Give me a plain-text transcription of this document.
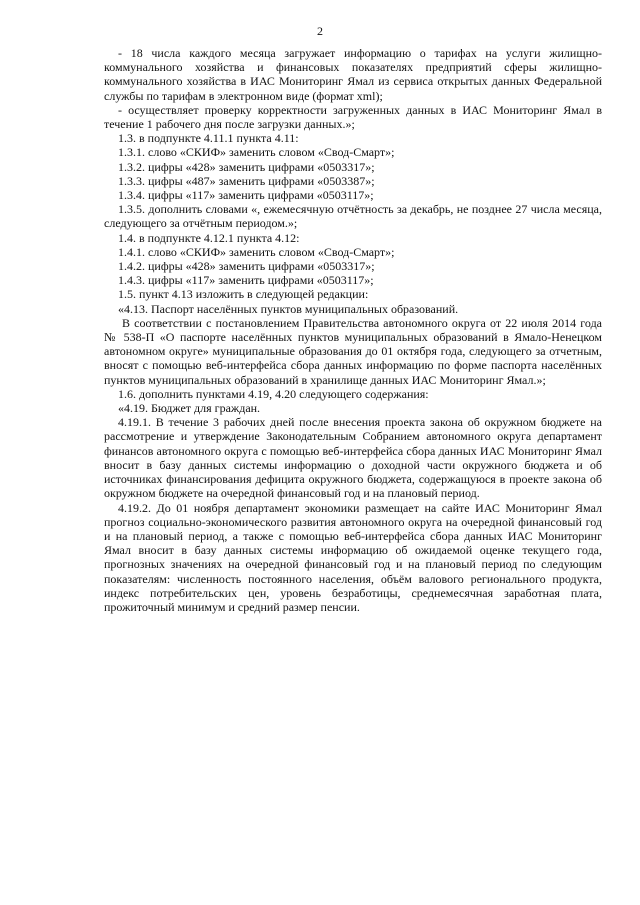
2

- 18 числа каждого месяца загружает информацию о тарифах на услуги жилищно-коммунального хозяйства и финансовых показателях предприятий сферы жилищно-коммунального хозяйства в ИАС Мониторинг Ямал из сервиса открытых данных Федеральной службы по тарифам в электронном виде (формат xml);

- осуществляет проверку корректности загруженных данных в ИАС Мониторинг Ямал в течение 1 рабочего дня после загрузки данных.»;

1.3. в подпункте 4.11.1 пункта 4.11:

1.3.1. слово «СКИФ» заменить словом «Свод-Смарт»;

1.3.2. цифры «428» заменить цифрами «0503317»;

1.3.3. цифры «487» заменить цифрами «0503387»;

1.3.4. цифры «117» заменить цифрами «0503117»;

1.3.5. дополнить словами «, ежемесячную отчётность за декабрь, не позднее 27 числа месяца, следующего за отчётным периодом.»;

1.4. в подпункте 4.12.1 пункта 4.12:

1.4.1. слово «СКИФ» заменить словом «Свод-Смарт»;

1.4.2. цифры «428» заменить цифрами «0503317»;

1.4.3. цифры «117» заменить цифрами «0503117»;

1.5. пункт 4.13 изложить в следующей редакции:

«4.13. Паспорт населённых пунктов муниципальных образований.

В соответствии с постановлением Правительства автономного округа от 22 июля 2014 года № 538-П «О паспорте населённых пунктов муниципальных образований в Ямало-Ненецком автономном округе» муниципальные образования до 01 октября года, следующего за отчетным, вносят с помощью веб-интерфейса сбора данных информацию по форме паспорта населённых пунктов муниципальных образований в хранилище данных ИАС Мониторинг Ямал.»;

1.6. дополнить пунктами 4.19, 4.20 следующего содержания:

«4.19. Бюджет для граждан.

4.19.1. В течение 3 рабочих дней после внесения проекта закона об окружном бюджете на рассмотрение и утверждение Законодательным Собранием автономного округа департамент финансов автономного округа с помощью веб-интерфейса сбора данных ИАС Мониторинг Ямал вносит в базу данных системы информацию о доходной части окружного бюджета и об источниках финансирования дефицита окружного бюджета, содержащуюся в проекте закона об окружном бюджете на очередной финансовый год и на плановый период.

4.19.2. До 01 ноября департамент экономики размещает на сайте ИАС Мониторинг Ямал прогноз социально-экономического развития автономного округа на очередной финансовый год и на плановый период, а также с помощью веб-интерфейса сбора данных ИАС Мониторинг Ямал вносит в базу данных системы информацию об ожидаемой оценке текущего года, прогнозных значениях на очередной финансовый год и на плановый период по следующим показателям: численность постоянного населения, объём валового регионального продукта, индекс потребительских цен, уровень безработицы, среднемесячная заработная плата, прожиточный минимум и средний размер пенсии.
